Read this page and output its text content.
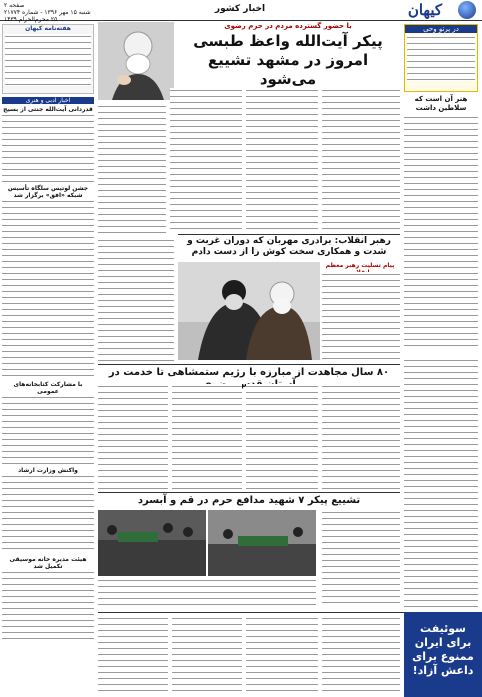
صفحه ۲
شنبه ۱۵ مهر ۱۳۹۶ - شماره ۲۱۷۷۴
۲۵ محرم‌الحرام ۱۴۳۹
اخبار کشور	کیهان
در پرتو وحی
هنر آن است که سلاطین داشت
هفته‌نامه کیهان
اخبار ادبی و هنری
قدردانی آیت‌الله جنتی از بسیج
جشن لوتیس سلگاه تأسیس شبکه «افق» برگزار شد
با مشارکت کتابخانه‌های عمومی
واکنش وزارت ارشاد
هیئت مدیره خانه موسیقی تکمیل شد
با حضور گسترده مردم در حرم رضوی
پیکر آیت‌الله واعظ طبسی امروز در مشهد تشییع می‌شود
رهبر انقلاب: برادری مهربان که دوران غربت و شدت و همکاری سخت کوش را از دست دادم
پیام تسلیت رهبر معظم
۸۰ سال مجاهدت از مبارزه با رژیم ستمشاهی تا خدمت در
تشییع پیکر ۷ شهید مدافع حرم در قم و آبسرد
سوئیفت برای ایران ممنوع برای داعش آزاد!
